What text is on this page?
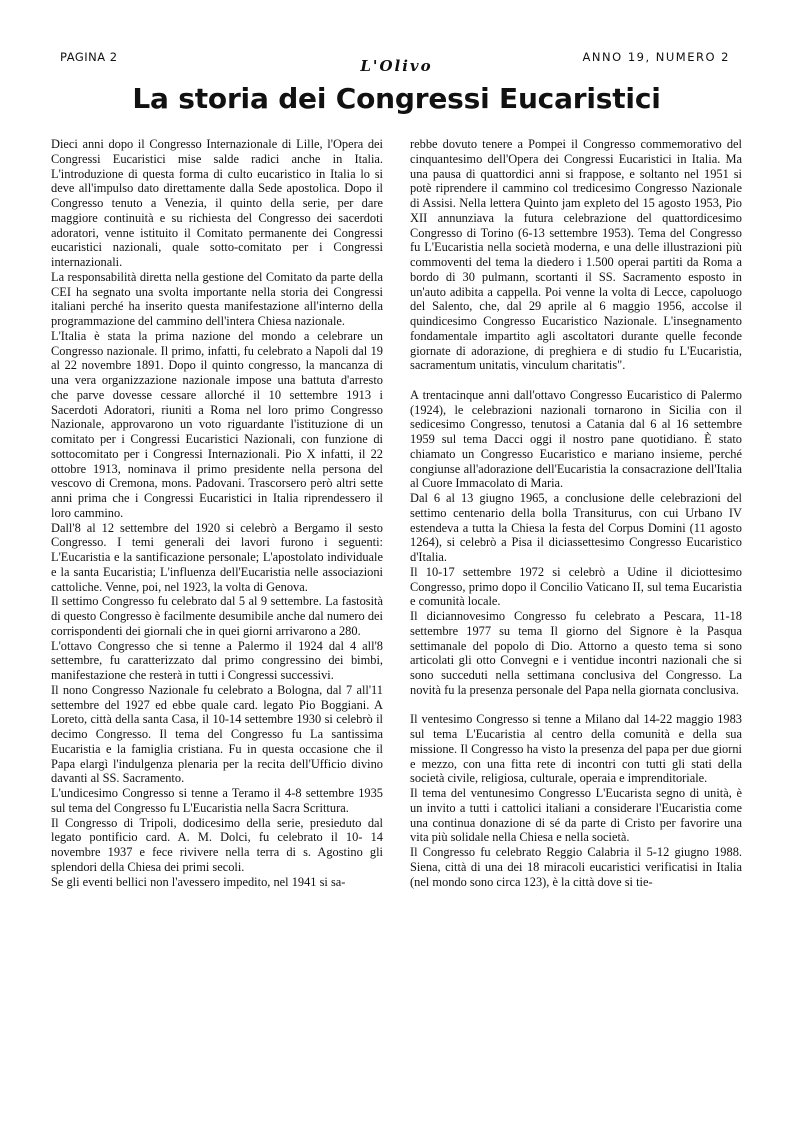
PAGINA 2	ANNO 19, NUMERO 2
L'Olivo
La storia dei Congressi Eucaristici

Dieci anni dopo il Congresso Internazionale di Lille, l'Opera dei Congressi Eucaristici mise salde radici anche in Italia. L'introduzione di questa forma di culto eucaristico in Italia lo si deve all'impulso dato direttamente dalla Sede apostolica. Dopo il Congresso tenuto a Venezia, il quinto della serie, per dare maggiore continuità e su richiesta del Congresso dei sacerdoti adoratori, venne istituito il Comitato permanente dei Congressi eucaristici nazionali, quale sotto-comitato per i Congressi internazionali.

La responsabilità diretta nella gestione del Comitato da parte della CEI ha segnato una svolta importante nella storia dei Congressi italiani perché ha inserito questa manifestazione all'interno della programmazione del cammino dell'intera Chiesa nazionale.

L'Italia è stata la prima nazione del mondo a celebrare un Congresso nazionale. Il primo, infatti, fu celebrato a Napoli dal 19 al 22 novembre 1891. Dopo il quinto congresso, la mancanza di una vera organizzazione nazionale impose una battuta d'arresto che parve dovesse cessare allorché il 10 settembre 1913 i Sacerdoti Adoratori, riuniti a Roma nel loro primo Congresso Nazionale, approvarono un voto riguardante l'istituzione di un comitato per i Congressi Eucaristici Nazionali, con funzione di sottocomitato per i Congressi Internazionali. Pio X infatti, il 22 ottobre 1913, nominava il primo presidente nella persona del vescovo di Cremona, mons. Padovani. Trascorsero però altri sette anni prima che i Congressi Eucaristici in Italia riprendessero il loro cammino.

Dall'8 al 12 settembre del 1920 si celebrò a Bergamo il sesto Congresso. I temi generali dei lavori furono i seguenti: L'Eucaristia e la santificazione personale; L'apostolato individuale e la santa Eucaristia; L'influenza dell'Eucaristia nelle associazioni cattoliche. Venne, poi, nel 1923, la volta di Genova.

Il settimo Congresso fu celebrato dal 5 al 9 settembre. La fastosità di questo Congresso è facilmente desumibile anche dal numero dei corrispondenti dei giornali che in quei giorni arrivarono a 280.

L'ottavo Congresso che si tenne a Palermo il 1924 dal 4 all'8 settembre, fu caratterizzato dal primo congressino dei bimbi, manifestazione che resterà in tutti i Congressi successivi.

Il nono Congresso Nazionale fu celebrato a Bologna, dal 7 all'11 settembre del 1927 ed ebbe quale card. legato Pio Boggiani. A Loreto, città della santa Casa, il 10-14 settembre 1930 si celebrò il decimo Congresso. Il tema del Congresso fu La santissima Eucaristia e la famiglia cristiana. Fu in questa occasione che il Papa elargì l'indulgenza plenaria per la recita dell'Ufficio divino davanti al SS. Sacramento.

L'undicesimo Congresso si tenne a Teramo il 4-8 settembre 1935 sul tema del Congresso fu L'Eucaristia nella Sacra Scrittura.

Il Congresso di Tripoli, dodicesimo della serie, presieduto dal legato pontificio card. A. M. Dolci, fu celebrato il 10- 14 novembre 1937 e fece rivivere nella terra di s. Agostino gli splendori della Chiesa dei primi secoli.

Se gli eventi bellici non l'avessero impedito, nel 1941 si sa-

rebbe dovuto tenere a Pompei il Congresso commemorativo del cinquantesimo dell'Opera dei Congressi Eucaristici in Italia. Ma una pausa di quattordici anni si frappose, e soltanto nel 1951 si potè riprendere il cammino col tredicesimo Congresso Nazionale di Assisi. Nella lettera Quinto jam expleto del 15 agosto 1953, Pio XII annunziava la futura celebrazione del quattordicesimo Congresso di Torino (6-13 settembre 1953). Tema del Congresso fu L'Eucaristia nella società moderna, e una delle illustrazioni più commoventi del tema la diedero i 1.500 operai partiti da Roma a bordo di 30 pulmann, scortanti il SS. Sacramento esposto in un'auto adibita a cappella. Poi venne la volta di Lecce, capoluogo del Salento, che, dal 29 aprile al 6 maggio 1956, accolse il quindicesimo Congresso Eucaristico Nazionale. L'insegnamento fondamentale impartito agli ascoltatori durante quelle feconde giornate di adorazione, di preghiera e di studio fu L'Eucaristia, sacramentum unitatis, vinculum charitatis".

A trentacinque anni dall'ottavo Congresso Eucaristico di Palermo (1924), le celebrazioni nazionali tornarono in Sicilia con il sedicesimo Congresso, tenutosi a Catania dal 6 al 16 settembre 1959 sul tema Dacci oggi il nostro pane quotidiano. È stato chiamato un Congresso Eucaristico e mariano insieme, perché congiunse all'adorazione dell'Eucaristia la consacrazione dell'Italia al Cuore Immacolato di Maria.

Dal 6 al 13 giugno 1965, a conclusione delle celebrazioni del settimo centenario della bolla Transiturus, con cui Urbano IV estendeva a tutta la Chiesa la festa del Corpus Domini (11 agosto 1264), si celebrò a Pisa il diciassettesimo Congresso Eucaristico d'Italia.

Il 10-17 settembre 1972 si celebrò a Udine il diciottesimo Congresso, primo dopo il Concilio Vaticano II, sul tema Eucaristia e comunità locale.

Il diciannovesimo Congresso fu celebrato a Pescara, 11-18 settembre 1977 su tema Il giorno del Signore è la Pasqua settimanale del popolo di Dio. Attorno a questo tema si sono articolati gli otto Convegni e i ventidue incontri nazionali che si sono succeduti nella settimana conclusiva del Congresso. La novità fu la presenza personale del Papa nella giornata conclusiva.

Il ventesimo Congresso si tenne a Milano dal 14-22 maggio 1983 sul tema L'Eucaristia al centro della comunità e della sua missione. Il Congresso ha visto la presenza del papa per due giorni e mezzo, con una fitta rete di incontri con tutti gli stati della società civile, religiosa, culturale, operaia e imprenditoriale.

Il tema del ventunesimo Congresso L'Eucarista segno di unità, è un invito a tutti i cattolici italiani a considerare l'Eucaristia come una continua donazione di sé da parte di Cristo per favorire una vita più solidale nella Chiesa e nella società.

Il Congresso fu celebrato Reggio Calabria il 5-12 giugno 1988. Siena, città di una dei 18 miracoli eucaristici verificatisi in Italia (nel mondo sono circa 123), è la città dove si tie-
